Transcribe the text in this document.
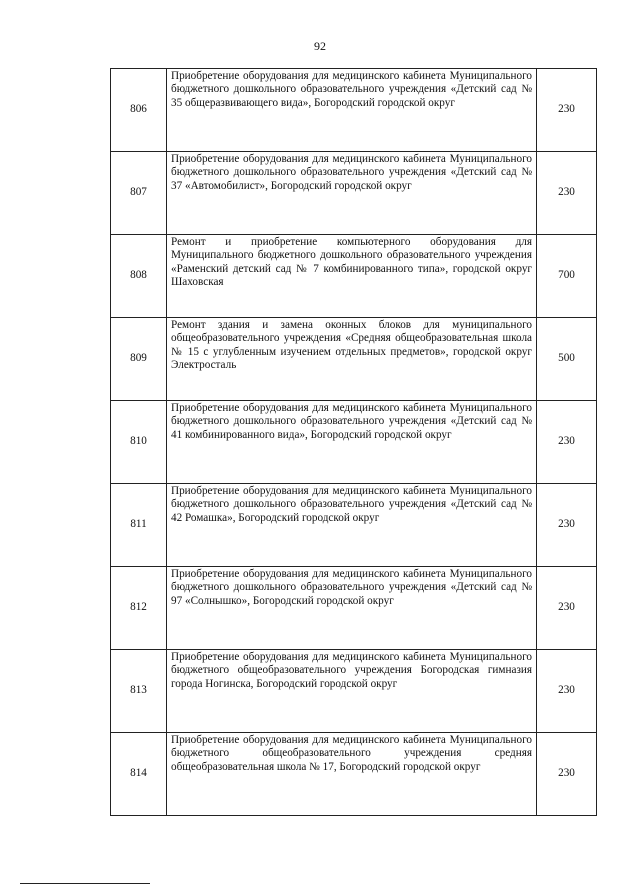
92
806	Приобретение оборудования для медицинского кабинета Муниципального бюджетного дошкольного образовательного учреждения «Детский сад № 35 общеразвивающего вида», Богородский городской округ	230
807	Приобретение оборудования для медицинского кабинета Муниципального бюджетного дошкольного образовательного учреждения «Детский сад № 37 «Автомобилист», Богородский городской округ	230
808	Ремонт и приобретение компьютерного оборудования для Муниципального бюджетного дошкольного образовательного учреждения «Раменский детский сад № 7 комбинированного типа», городской округ Шаховская	700
809	Ремонт здания и замена оконных блоков для муниципального общеобразовательного учреждения «Средняя общеобразовательная школа № 15 с углубленным изучением отдельных предметов», городской округ Электросталь	500
810	Приобретение оборудования для медицинского кабинета Муниципального бюджетного дошкольного образовательного учреждения «Детский сад № 41 комбинированного вида», Богородский городской округ	230
811	Приобретение оборудования для медицинского кабинета Муниципального бюджетного дошкольного образовательного учреждения «Детский сад № 42 Ромашка», Богородский городской округ	230
812	Приобретение оборудования для медицинского кабинета Муниципального бюджетного дошкольного образовательного учреждения «Детский сад № 97 «Солнышко», Богородский городской округ	230
813	Приобретение оборудования для медицинского кабинета Муниципального бюджетного общеобразовательного учреждения Богородская гимназия города Ногинска, Богородский городской округ	230
814	Приобретение оборудования для медицинского кабинета Муниципального бюджетного общеобразовательного учреждения средняя общеобразовательная школа № 17, Богородский городской округ	230
